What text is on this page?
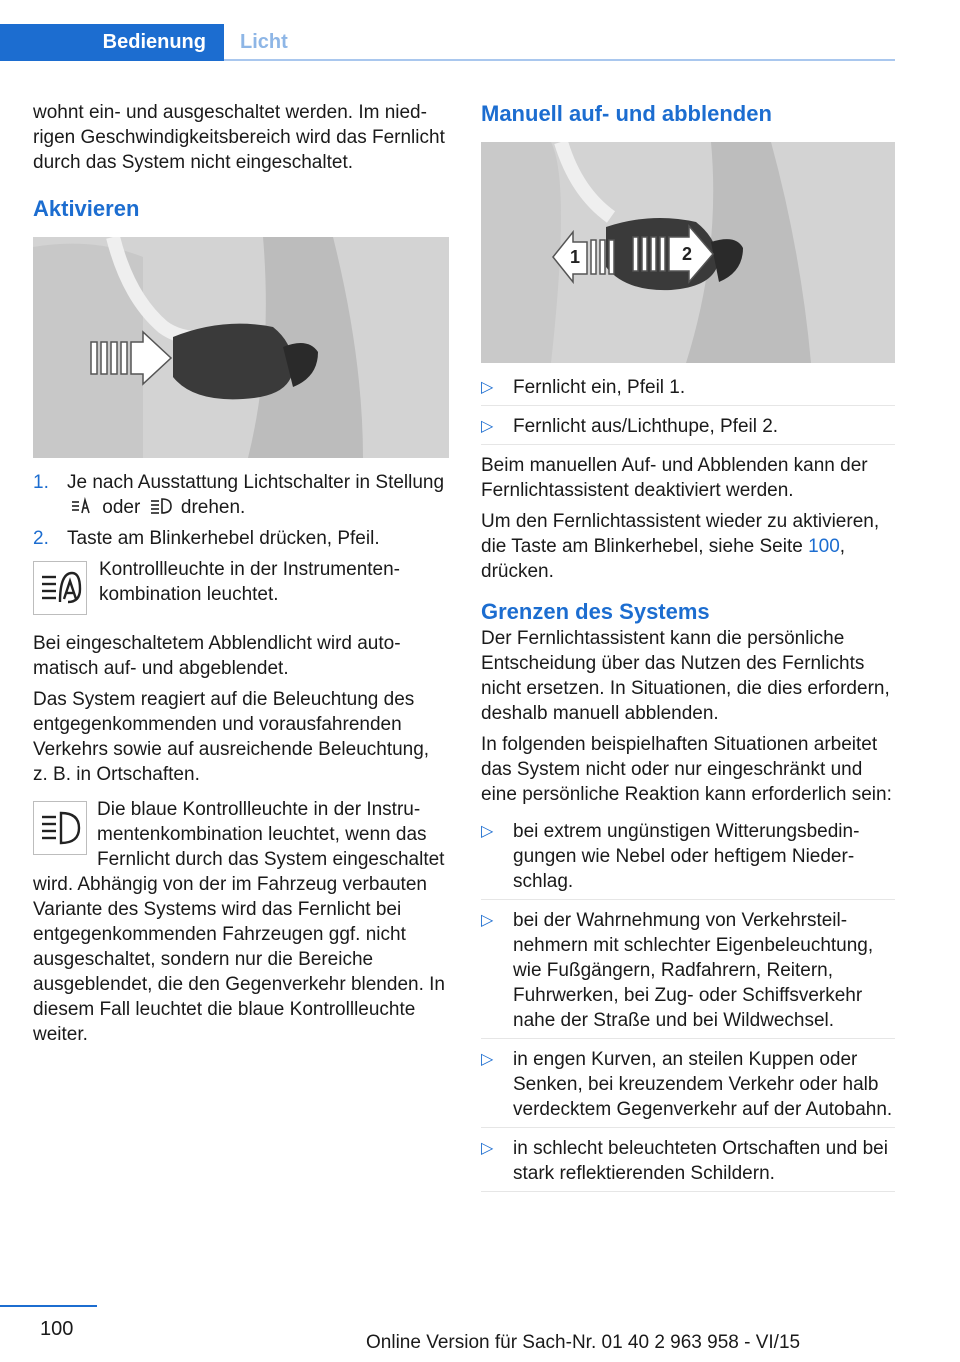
Bedienung	Licht

wohnt ein- und ausgeschaltet werden. Im niedrigen Geschwindigkeitsbereich wird das Fernlicht durch das System nicht eingeschaltet.

Aktivieren
1. Je nach Ausstattung Lichtschalter in Stellung  oder drehen.
2. Taste am Blinkerhebel drücken, Pfeil.

Kontrollleuchte in der Instrumentenkombination leuchtet.

Bei eingeschaltetem Abblendlicht wird automatisch auf- und abgeblendet.

Das System reagiert auf die Beleuchtung des entgegenkommenden und vorausfahrenden Verkehrs sowie auf ausreichende Beleuchtung, z. B. in Ortschaften.

Die blaue Kontrollleuchte in der Instrumentenkombination leuchtet, wenn das Fernlicht durch das System eingeschaltet wird. Abhängig von der im Fahrzeug verbauten Variante des Systems wird das Fernlicht bei entgegenkommenden Fahrzeugen ggf. nicht ausgeschaltet, sondern nur die Bereiche ausgeblendet, die den Gegenverkehr blenden. In diesem Fall leuchtet die blaue Kontrollleuchte weiter.

Manuell auf- und abblenden
1	2
▷ Fernlicht ein, Pfeil 1.
▷ Fernlicht aus/Lichthupe, Pfeil 2.

Beim manuellen Auf- und Abblenden kann der Fernlichtassistent deaktiviert werden.

Um den Fernlichtassistent wieder zu aktivieren, die Taste am Blinkerhebel, siehe Seite 100, drücken.

Grenzen des Systems

Der Fernlichtassistent kann die persönliche Entscheidung über das Nutzen des Fernlichts nicht ersetzen. In Situationen, die dies erfordern, deshalb manuell abblenden.

In folgenden beispielhaften Situationen arbeitet das System nicht oder nur eingeschränkt und eine persönliche Reaktion kann erforderlich sein:

▷ bei extrem ungünstigen Witterungsbedingungen wie Nebel oder heftigem Niederschlag.
▷ bei der Wahrnehmung von Verkehrsteilnehmern mit schlechter Eigenbeleuchtung, wie Fußgängern, Radfahrern, Reitern, Fuhrwerken, bei Zug- oder Schiffsverkehr nahe der Straße und bei Wildwechsel.
▷ in engen Kurven, an steilen Kuppen oder Senken, bei kreuzendem Verkehr oder halb verdecktem Gegenverkehr auf der Autobahn.
▷ in schlecht beleuchteten Ortschaften und bei stark reflektierenden Schildern.
100
Online Version für Sach-Nr. 01 40 2 963 958 - VI/15
